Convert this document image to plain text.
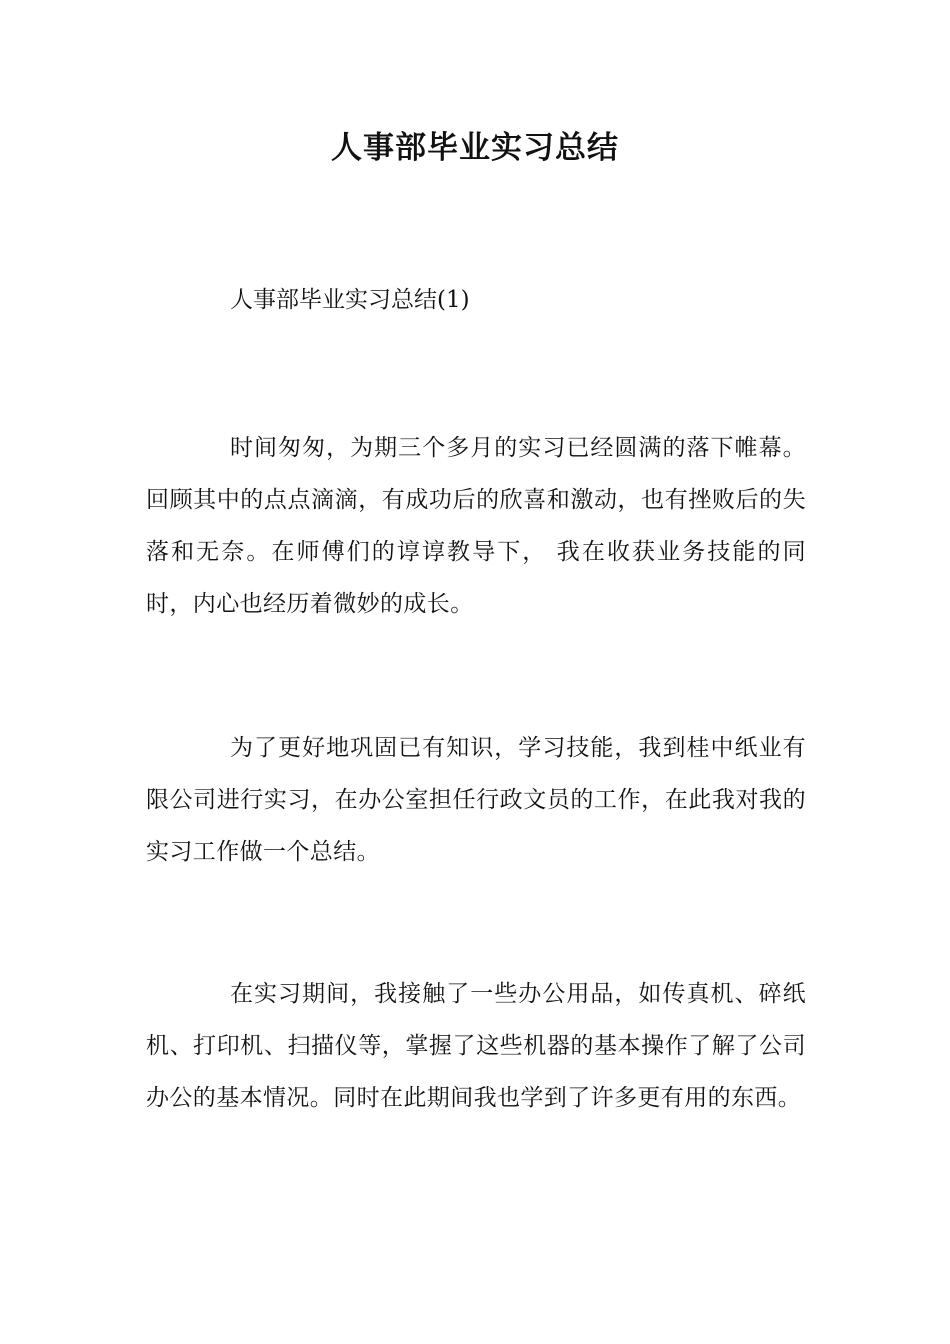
人事部毕业实习总结
人事部毕业实习总结(1)

时间匆匆，为期三个多月的实习已经圆满的落下帷幕。回顾其中的点点滴滴，有成功后的欣喜和激动，也有挫败后的失落和无奈。在师傅们的谆谆教导下， 我在收获业务技能的同时，内心也经历着微妙的成长。

为了更好地巩固已有知识，学习技能，我到桂中纸业有限公司进行实习，在办公室担任行政文员的工作，在此我对我的实习工作做一个总结。

在实习期间，我接触了一些办公用品，如传真机、碎纸机、打印机、扫描仪等，掌握了这些机器的基本操作了解了公司办公的基本情况。同时在此期间我也学到了许多更有用的东西。
